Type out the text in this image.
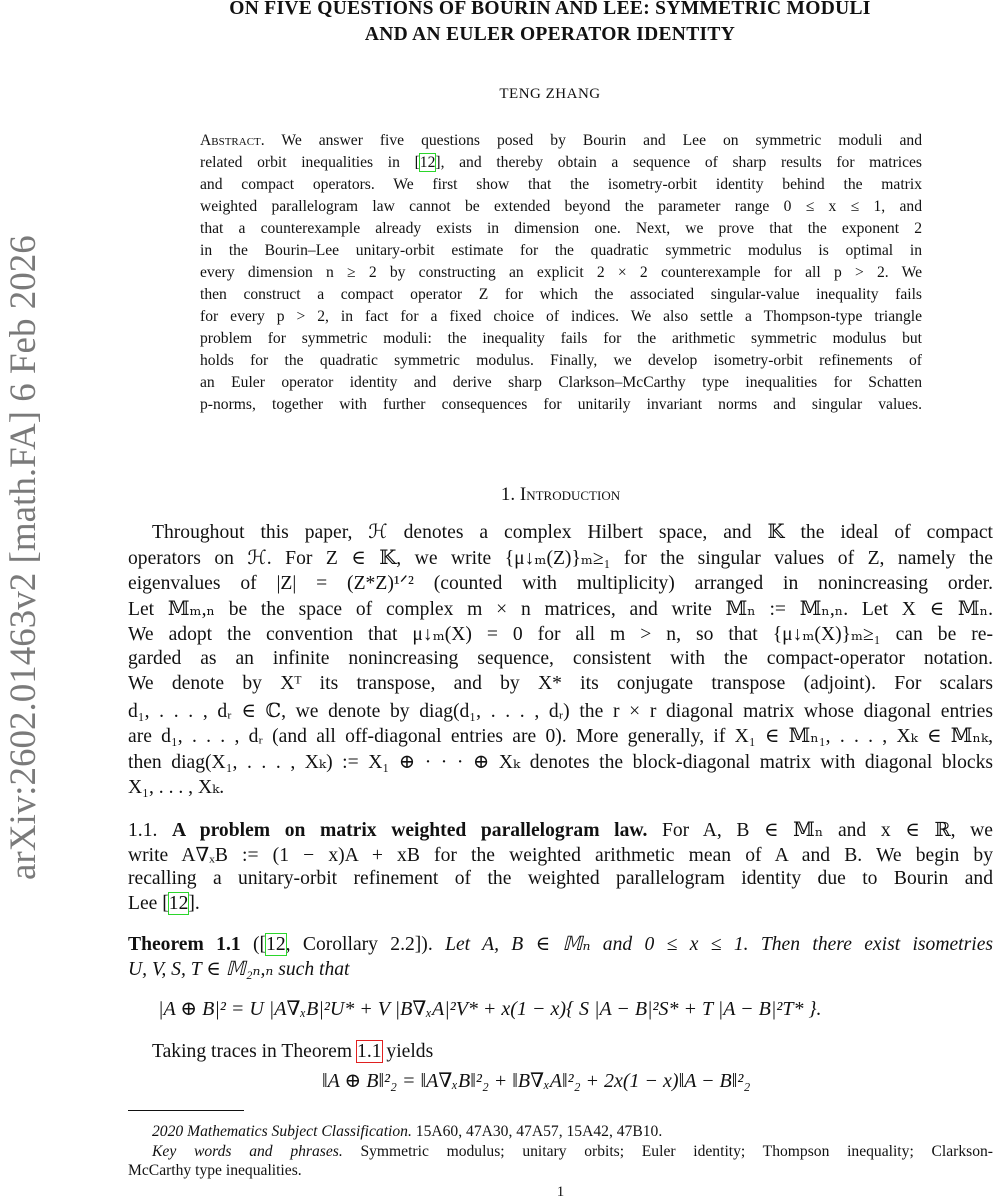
arXiv:2602.01463v2 [math.FA] 6 Feb 2026
ON FIVE QUESTIONS OF BOURIN AND LEE: SYMMETRIC MODULI
AND AN EULER OPERATOR IDENTITY
TENG ZHANG
Abstract. We answer five questions posed by Bourin and Lee on symmetric moduli and
related orbit inequalities in [12], and thereby obtain a sequence of sharp results for matrices
and compact operators. We first show that the isometry-orbit identity behind the matrix
weighted parallelogram law cannot be extended beyond the parameter range 0 ≤ x ≤ 1, and
that a counterexample already exists in dimension one. Next, we prove that the exponent 2
in the Bourin–Lee unitary-orbit estimate for the quadratic symmetric modulus is optimal in
every dimension n ≥ 2 by constructing an explicit 2 × 2 counterexample for all p > 2. We
then construct a compact operator Z for which the associated singular-value inequality fails
for every p > 2, in fact for a fixed choice of indices. We also settle a Thompson-type triangle
problem for symmetric moduli: the inequality fails for the arithmetic symmetric modulus but
holds for the quadratic symmetric modulus. Finally, we develop isometry-orbit refinements of
an Euler operator identity and derive sharp Clarkson–McCarthy type inequalities for Schatten
p-norms, together with further consequences for unitarily invariant norms and singular values.
1. Introduction
Throughout this paper, ℋ denotes a complex Hilbert space, and 𝕂 the ideal of compact
operators on ℋ. For Z ∈ 𝕂, we write {μ↓ₘ(Z)}ₘ≥₁ for the singular values of Z, namely the
eigenvalues of |Z| = (Z*Z)¹ᐟ² (counted with multiplicity) arranged in nonincreasing order.
Let 𝕄ₘ,ₙ be the space of complex m × n matrices, and write 𝕄ₙ := 𝕄ₙ,ₙ. Let X ∈ 𝕄ₙ.
We adopt the convention that μ↓ₘ(X) = 0 for all m > n, so that {μ↓ₘ(X)}ₘ≥₁ can be re-
garded as an infinite nonincreasing sequence, consistent with the compact-operator notation.
We denote by Xᵀ its transpose, and by X* its conjugate transpose (adjoint). For scalars
d₁, . . . , dᵣ ∈ ℂ, we denote by diag(d₁, . . . , dᵣ) the r × r diagonal matrix whose diagonal entries
are d₁, . . . , dᵣ (and all off-diagonal entries are 0). More generally, if X₁ ∈ 𝕄ₙ₁, . . . , Xₖ ∈ 𝕄ₙₖ,
then diag(X₁, . . . , Xₖ) := X₁ ⊕ · · · ⊕ Xₖ denotes the block-diagonal matrix with diagonal blocks
X₁, . . . , Xₖ.
1.1. A problem on matrix weighted parallelogram law. For A, B ∈ 𝕄ₙ and x ∈ ℝ, we
write A∇ₓB := (1 − x)A + xB for the weighted arithmetic mean of A and B. We begin by
recalling a unitary-orbit refinement of the weighted parallelogram identity due to Bourin and
Lee [12].
Theorem 1.1 ([12, Corollary 2.2]). Let A, B ∈ 𝕄ₙ and 0 ≤ x ≤ 1. Then there exist isometries
U, V, S, T ∈ 𝕄₂ₙ,ₙ such that
|A ⊕ B|² = U |A∇ₓB|²U* + V |B∇ₓA|²V* + x(1 − x){ S |A − B|²S* + T |A − B|²T* }.
Taking traces in Theorem 1.1 yields
‖A ⊕ B‖²₂ = ‖A∇ₓB‖²₂ + ‖B∇ₓA‖²₂ + 2x(1 − x)‖A − B‖²₂
2020 Mathematics Subject Classification. 15A60, 47A30, 47A57, 15A42, 47B10.
Key words and phrases. Symmetric modulus; unitary orbits; Euler identity; Thompson inequality; Clarkson-
McCarthy type inequalities.
1
